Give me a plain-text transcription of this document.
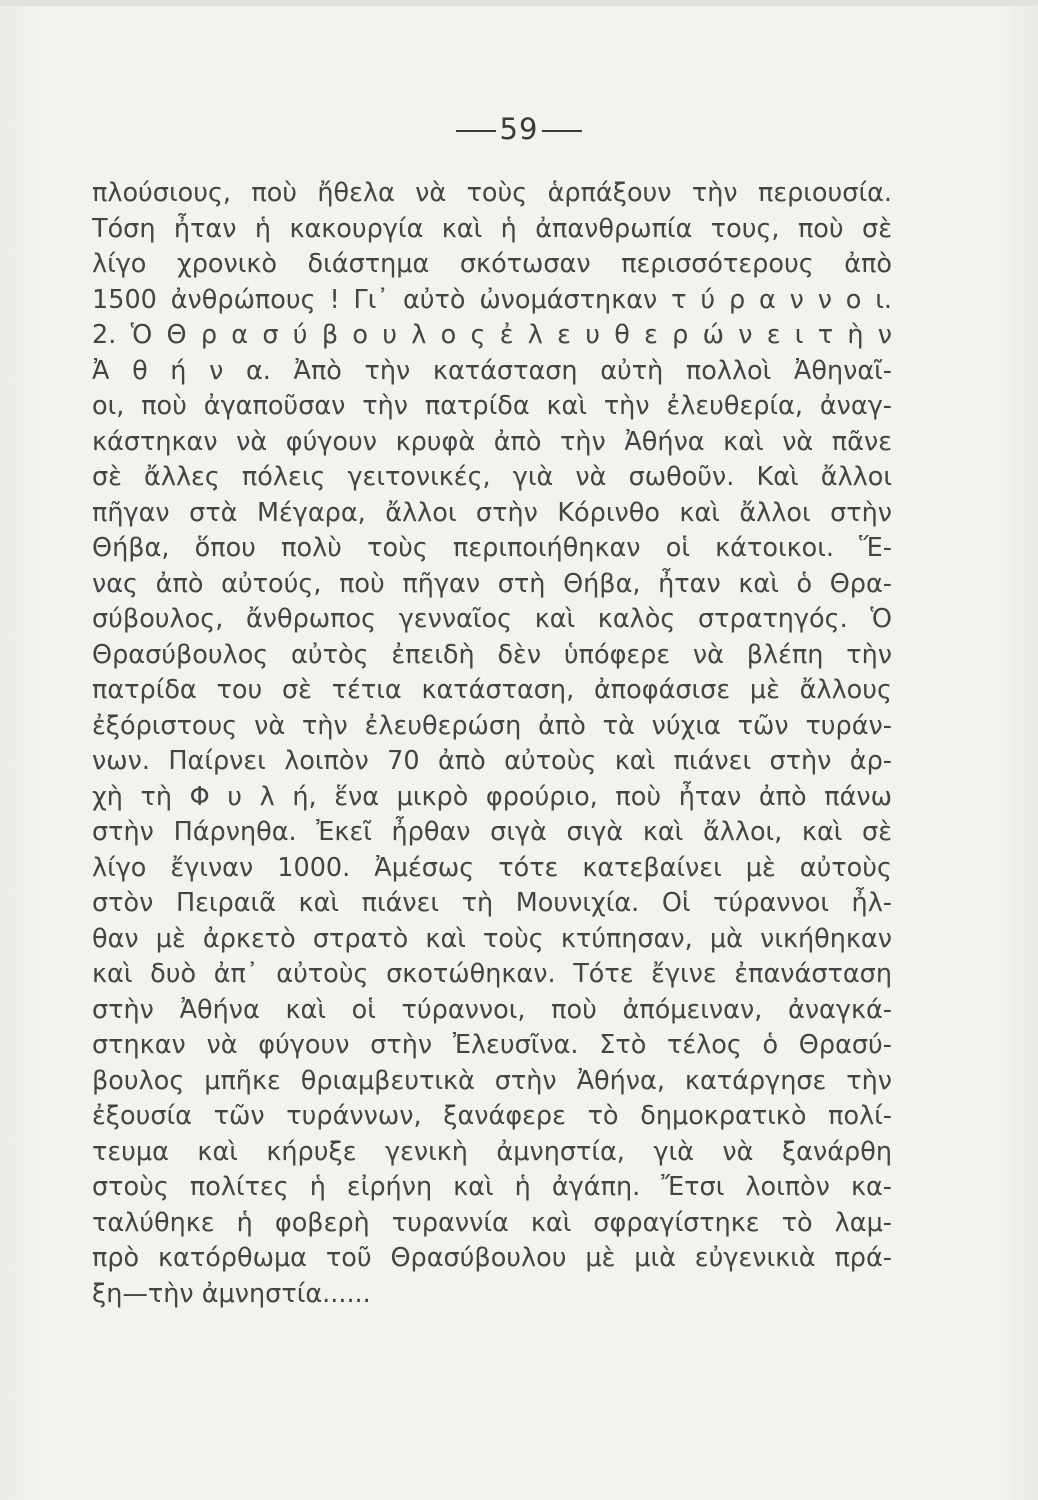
59
πλούσιους, ποὺ ἤθελα νὰ τοὺς ἁρπάξουν τὴν περιουσία.
Τόση ἦταν ἡ κακουργία καὶ ἡ ἀπανθρωπία τους, ποὺ σὲ
λίγο χρονικὸ διάστημα σκότωσαν περισσότερους ἀπὸ
1500 ἀνθρώπους ! Γι᾿ αὐτὸ ὠνομάστηκαν τ ύ ρ α ν ν ο ι.
2. Ὁ Θ ρ α σ ύ β ο υ λ ο ς ἐ λ ε υ θ ε ρ ώ ν ε ι τ ὴ ν
Ἀ θ ή ν α. Ἀπὸ τὴν κατάσταση αὐτὴ πολλοὶ Ἀθηναῖ-
οι, ποὺ ἀγαποῦσαν τὴν πατρίδα καὶ τὴν ἐλευθερία, ἀναγ-
κάστηκαν νὰ φύγουν κρυφὰ ἀπὸ τὴν Ἀθήνα καὶ νὰ πᾶνε
σὲ ἄλλες πόλεις γειτονικές, γιὰ νὰ σωθοῦν. Καὶ ἄλλοι
πῆγαν στὰ Μέγαρα, ἄλλοι στὴν Κόρινθο καὶ ἄλλοι στὴν
Θήβα, ὅπου πολὺ τοὺς περιποιήθηκαν οἱ κάτοικοι. Ἕ-
νας ἀπὸ αὐτούς, ποὺ πῆγαν στὴ Θήβα, ἦταν καὶ ὁ Θρα-
σύβουλος, ἄνθρωπος γενναῖος καὶ καλὸς στρατηγός. Ὁ
Θρασύβουλος αὐτὸς ἐπειδὴ δὲν ὑπόφερε νὰ βλέπη τὴν
πατρίδα του σὲ τέτια κατάσταση, ἀποφάσισε μὲ ἄλλους
ἐξόριστους νὰ τὴν ἐλευθερώση ἀπὸ τὰ νύχια τῶν τυράν-
νων. Παίρνει λοιπὸν 70 ἀπὸ αὐτοὺς καὶ πιάνει στὴν ἀρ-
χὴ τὴ Φ υ λ ή, ἕνα μικρὸ φρούριο, ποὺ ἦταν ἀπὸ πάνω
στὴν Πάρνηθα. Ἐκεῖ ἦρθαν σιγὰ σιγὰ καὶ ἄλλοι, καὶ σὲ
λίγο ἔγιναν 1000. Ἀμέσως τότε κατεβαίνει μὲ αὐτοὺς
στὸν Πειραιᾶ καὶ πιάνει τὴ Μουνιχία. Οἱ τύραννοι ἦλ-
θαν μὲ ἀρκετὸ στρατὸ καὶ τοὺς κτύπησαν, μὰ νικήθηκαν
καὶ δυὸ ἀπ᾿ αὐτοὺς σκοτώθηκαν. Τότε ἔγινε ἐπανάσταση
στὴν Ἀθήνα καὶ οἱ τύραννοι, ποὺ ἀπόμειναν, ἀναγκά-
στηκαν νὰ φύγουν στὴν Ἐλευσῖνα. Στὸ τέλος ὁ Θρασύ-
βουλος μπῆκε θριαμβευτικὰ στὴν Ἀθήνα, κατάργησε τὴν
ἐξουσία τῶν τυράννων, ξανάφερε τὸ δημοκρατικὸ πολί-
τευμα καὶ κήρυξε γενικὴ ἀμνηστία, γιὰ νὰ ξανάρθη
στοὺς πολίτες ἡ εἰρήνη καὶ ἡ ἀγάπη. Ἔτσι λοιπὸν κα-
ταλύθηκε ἡ φοβερὴ τυραννία καὶ σφραγίστηκε τὸ λαμ-
πρὸ κατόρθωμα τοῦ Θρασύβουλου μὲ μιὰ εὐγενικιὰ πρά-
ξη—τὴν ἀμνηστία......
